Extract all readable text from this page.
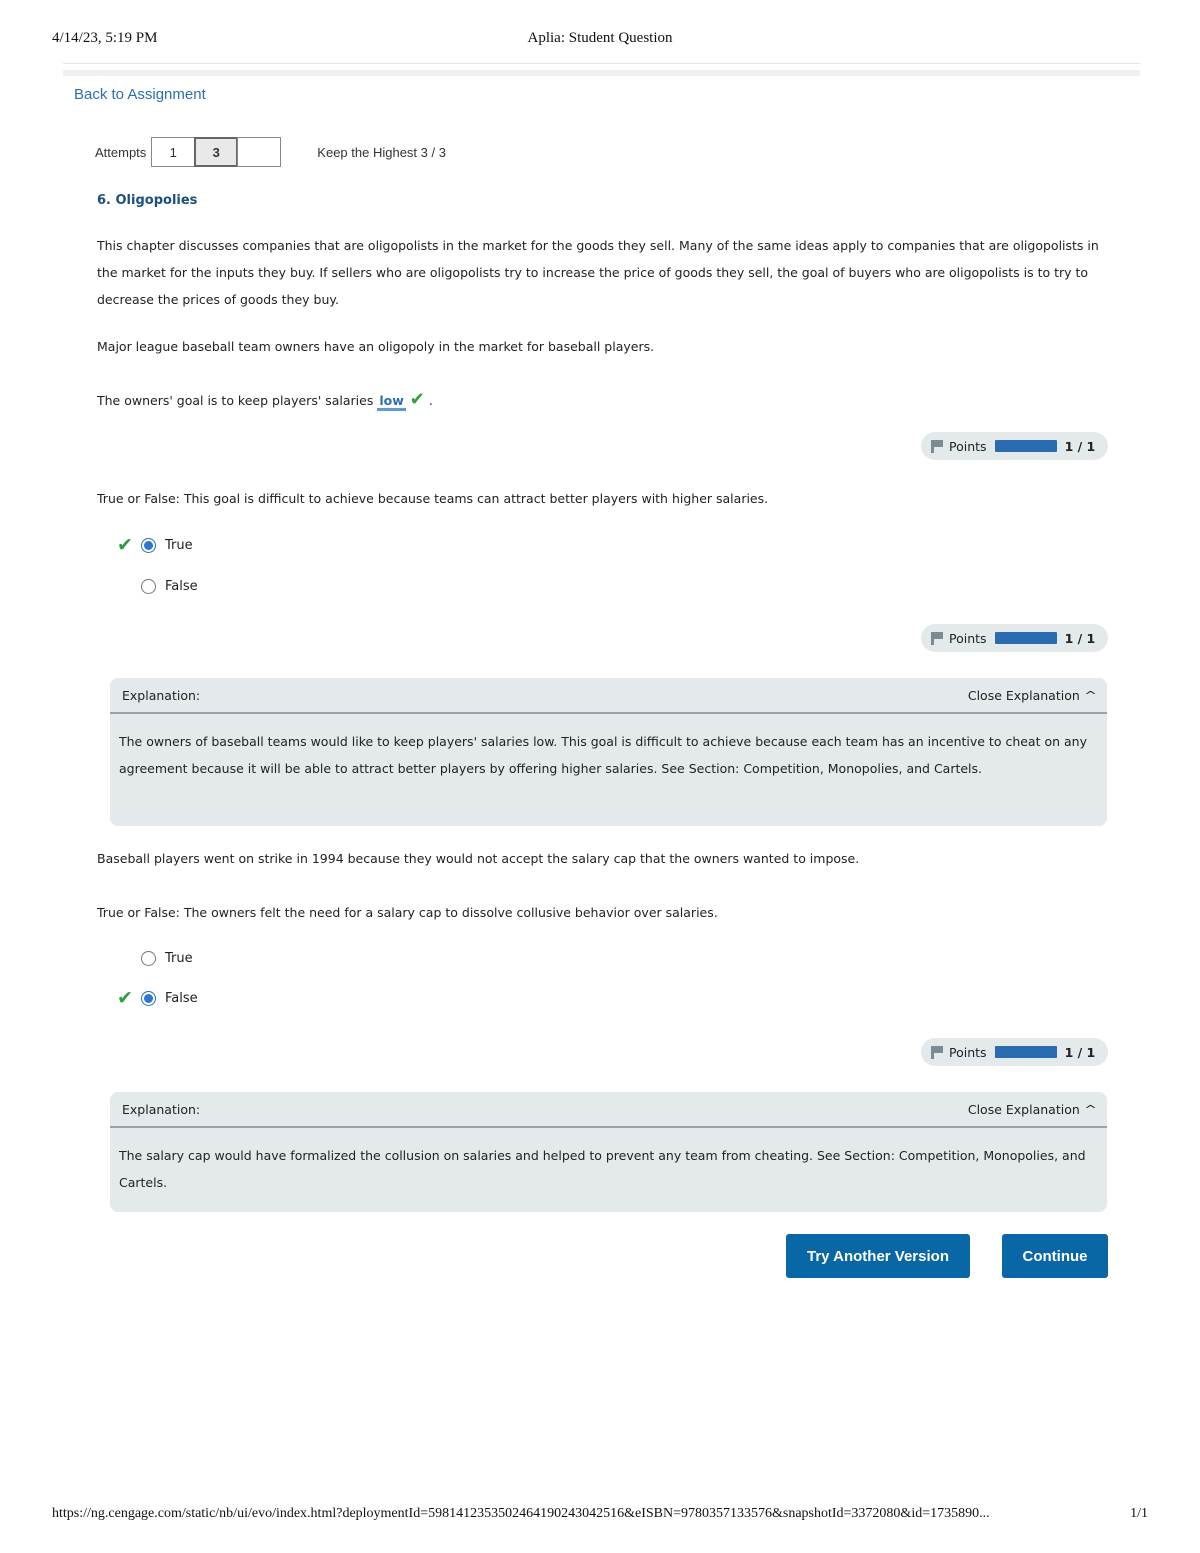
4/14/23, 5:19 PM	Aplia: Student Question
Back to Assignment
Attempts	1	3	Keep the Highest 3 / 3
6. Oligopolies
This chapter discusses companies that are oligopolists in the market for the goods they sell. Many of the same ideas apply to companies that are oligopolists in the market for the inputs they buy. If sellers who are oligopolists try to increase the price of goods they sell, the goal of buyers who are oligopolists is to try to decrease the prices of goods they buy.
Major league baseball team owners have an oligopoly in the market for baseball players.
The owners' goal is to keep players' salaries low ✔ .
Points	1 / 1
True or False: This goal is difficult to achieve because teams can attract better players with higher salaries.
✔	True
False
Points	1 / 1
Explanation:	Close Explanation ^
The owners of baseball teams would like to keep players' salaries low. This goal is difficult to achieve because each team has an incentive to cheat on any agreement because it will be able to attract better players by offering higher salaries. See Section: Competition, Monopolies, and Cartels.
Baseball players went on strike in 1994 because they would not accept the salary cap that the owners wanted to impose.
True or False: The owners felt the need for a salary cap to dissolve collusive behavior over salaries.
True
✔	False
Points	1 / 1
Explanation:	Close Explanation ^
The salary cap would have formalized the collusion on salaries and helped to prevent any team from cheating. See Section: Competition, Monopolies, and Cartels.
Try Another Version	Continue
https://ng.cengage.com/static/nb/ui/evo/index.html?deploymentId=5981412353502464190243042516&eISBN=9780357133576&snapshotId=3372080&id=1735890...	1/1
